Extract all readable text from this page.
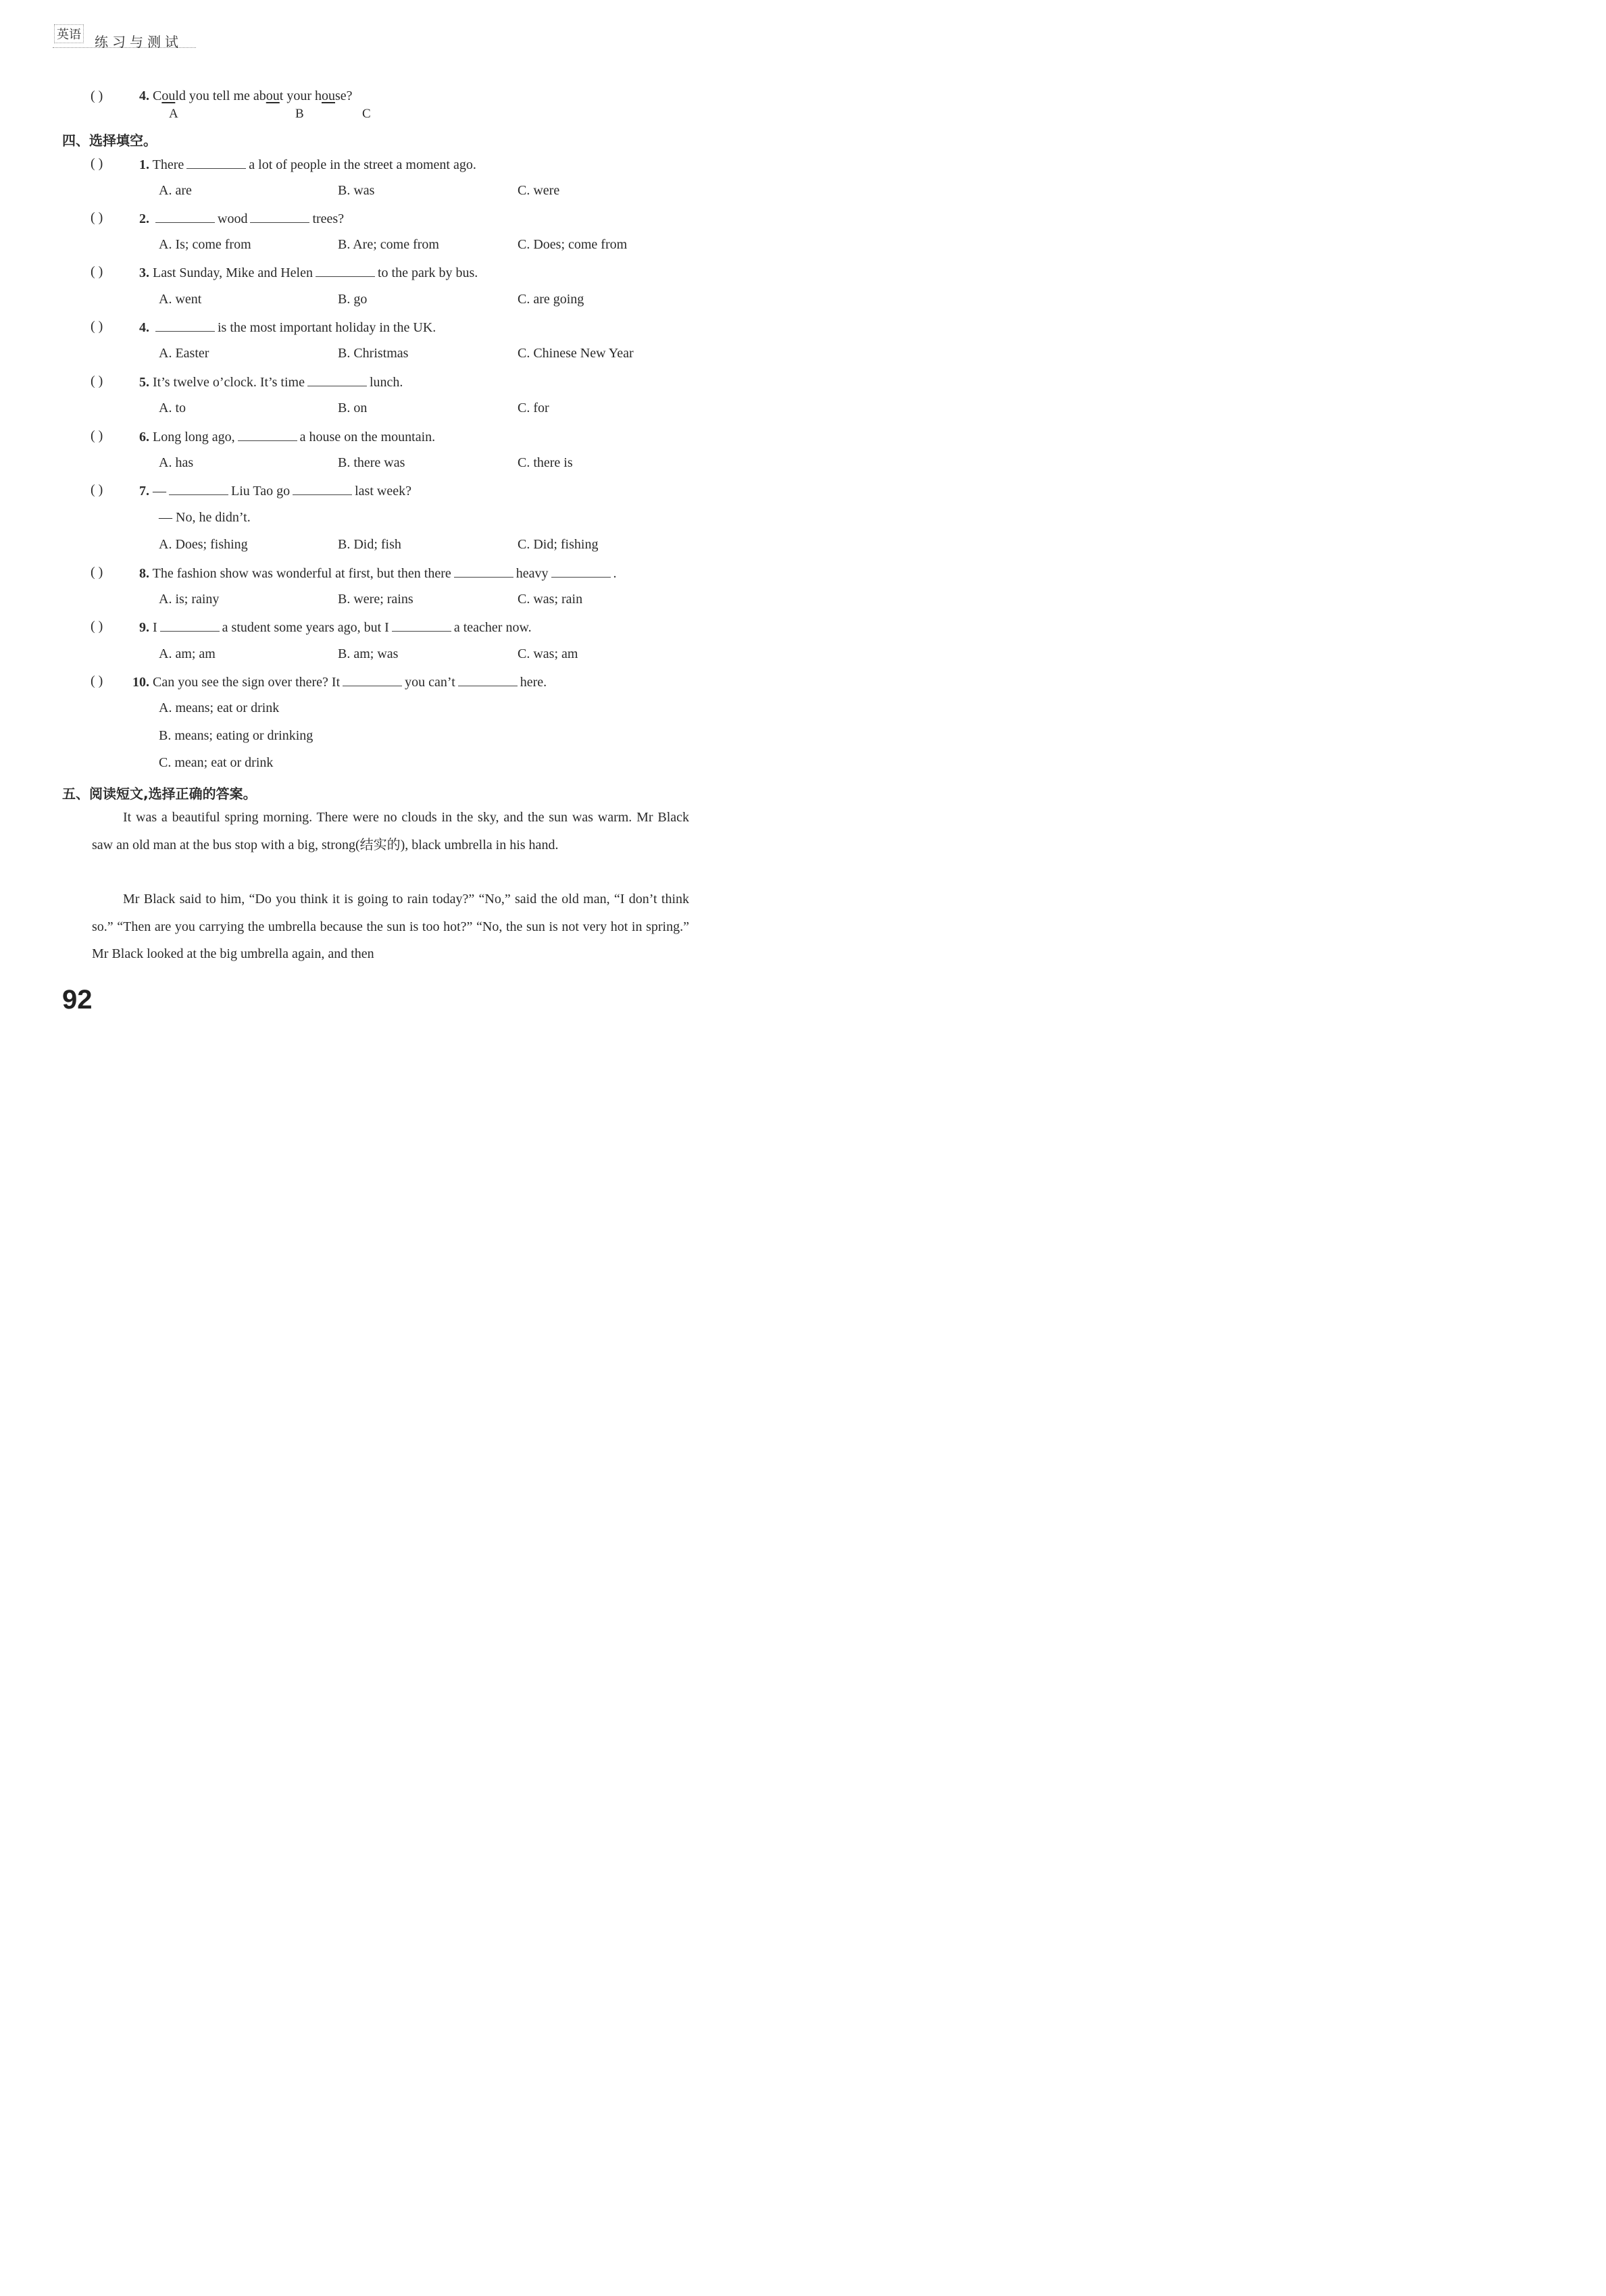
英语 练习与测试
( )	4. Could you tell me about your house?
A	B	C
四、选择填空。
( )	1. There	a lot of people in the street a moment ago.
A. are	B. was	C. were
( )	2.	wood	trees?
A. Is; come from	B. Are; come from	C. Does; come from
( )	3. Last Sunday, Mike and Helen	to the park by bus.
A. went	B. go	C. are going
( )	4.	is the most important holiday in the UK.
A. Easter	B. Christmas	C. Chinese New Year
( )	5. It’s twelve o’clock. It’s time	lunch.
A. to	B. on	C. for
( )	6. Long long ago,	a house on the mountain.
A. has	B. there was	C. there is
( )	7. —	Liu Tao go	last week?
— No, he didn’t.
A. Does; fishing	B. Did; fish	C. Did; fishing
( )	8. The fashion show was wonderful at first, but then there	heavy	.
A. is; rainy	B. were; rains	C. was; rain
( )	9. I	a student some years ago, but I	a teacher now.
A. am; am	B. am; was	C. was; am
( ) 10. Can you see the sign over there? It	you can’t	here.
A. means; eat or drink
B. means; eating or drinking
C. mean; eat or drink
五、阅读短文,选择正确的答案。
It was a beautiful spring morning. There were no clouds in the sky, and the sun was warm. Mr Black saw an old man at the bus stop with a big, strong(结实的), black umbrella in his hand.
Mr Black said to him, “Do you think it is going to rain today?” “No,” said the old man, “I don’t think so.” “Then are you carrying the umbrella because the sun is too hot?” “No, the sun is not very hot in spring.” Mr Black looked at the big umbrella again, and then
92
